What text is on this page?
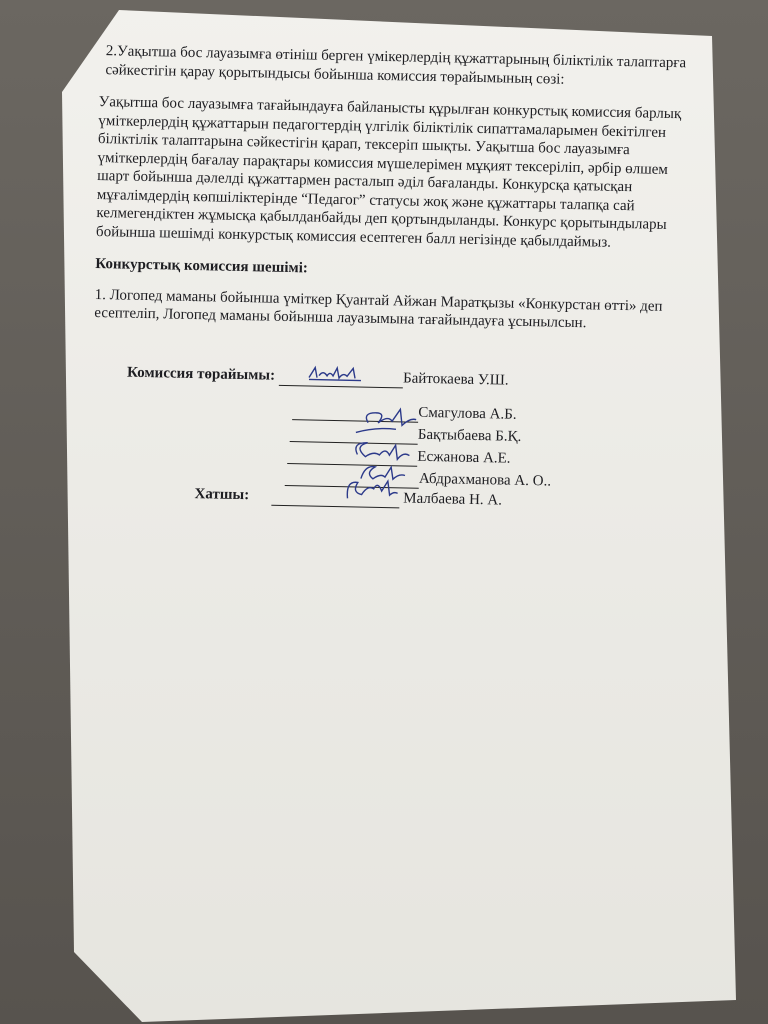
2.Уақытша бос лауазымға өтініш берген үмікерлердің құжаттарының біліктілік талаптарға сәйкестігін қарау қорытындысы бойынша комиссия төрайымының сөзі:

Уақытша бос лауазымға тағайындауға байланысты құрылған конкурстық комиссия барлық үміткерлердің құжаттарын педагогтердің үлгілік біліктілік сипаттамаларымен бекітілген біліктілік талаптарына сәйкестігін қарап, тексеріп шықты. Уақытша бос лауазымға үміткерлердің бағалау парақтары комиссия мүшелерімен мұқият тексеріліп, әрбір өлшем шарт бойынша дәлелді құжаттармен расталып әділ бағаланды. Конкурсқа қатысқан мұғалімдердің көпшіліктерінде “Педагог” статусы жоқ және құжаттары талапқа сай келмегендіктен жұмысқа қабылданбайды деп қортындыланды. Конкурс қорытындылары бойынша шешімді конкурстық комиссия есептеген балл негізінде қабылдаймыз.

Конкурстық комиссия шешімі:

1. Логопед маманы бойынша үміткер Қуантай Айжан Маратқызы «Конкурстан өтті» деп есептеліп, Логопед маманы бойынша лауазымына тағайындауға ұсынылсын.

Комиссия төрайымы:	Байтокаева У.Ш.
Смагулова А.Б.
Бақтыбаева Б.Қ.
Есжанова А.Е.
Абдрахманова А. О..
Хатшы:	Малбаева Н. А.
